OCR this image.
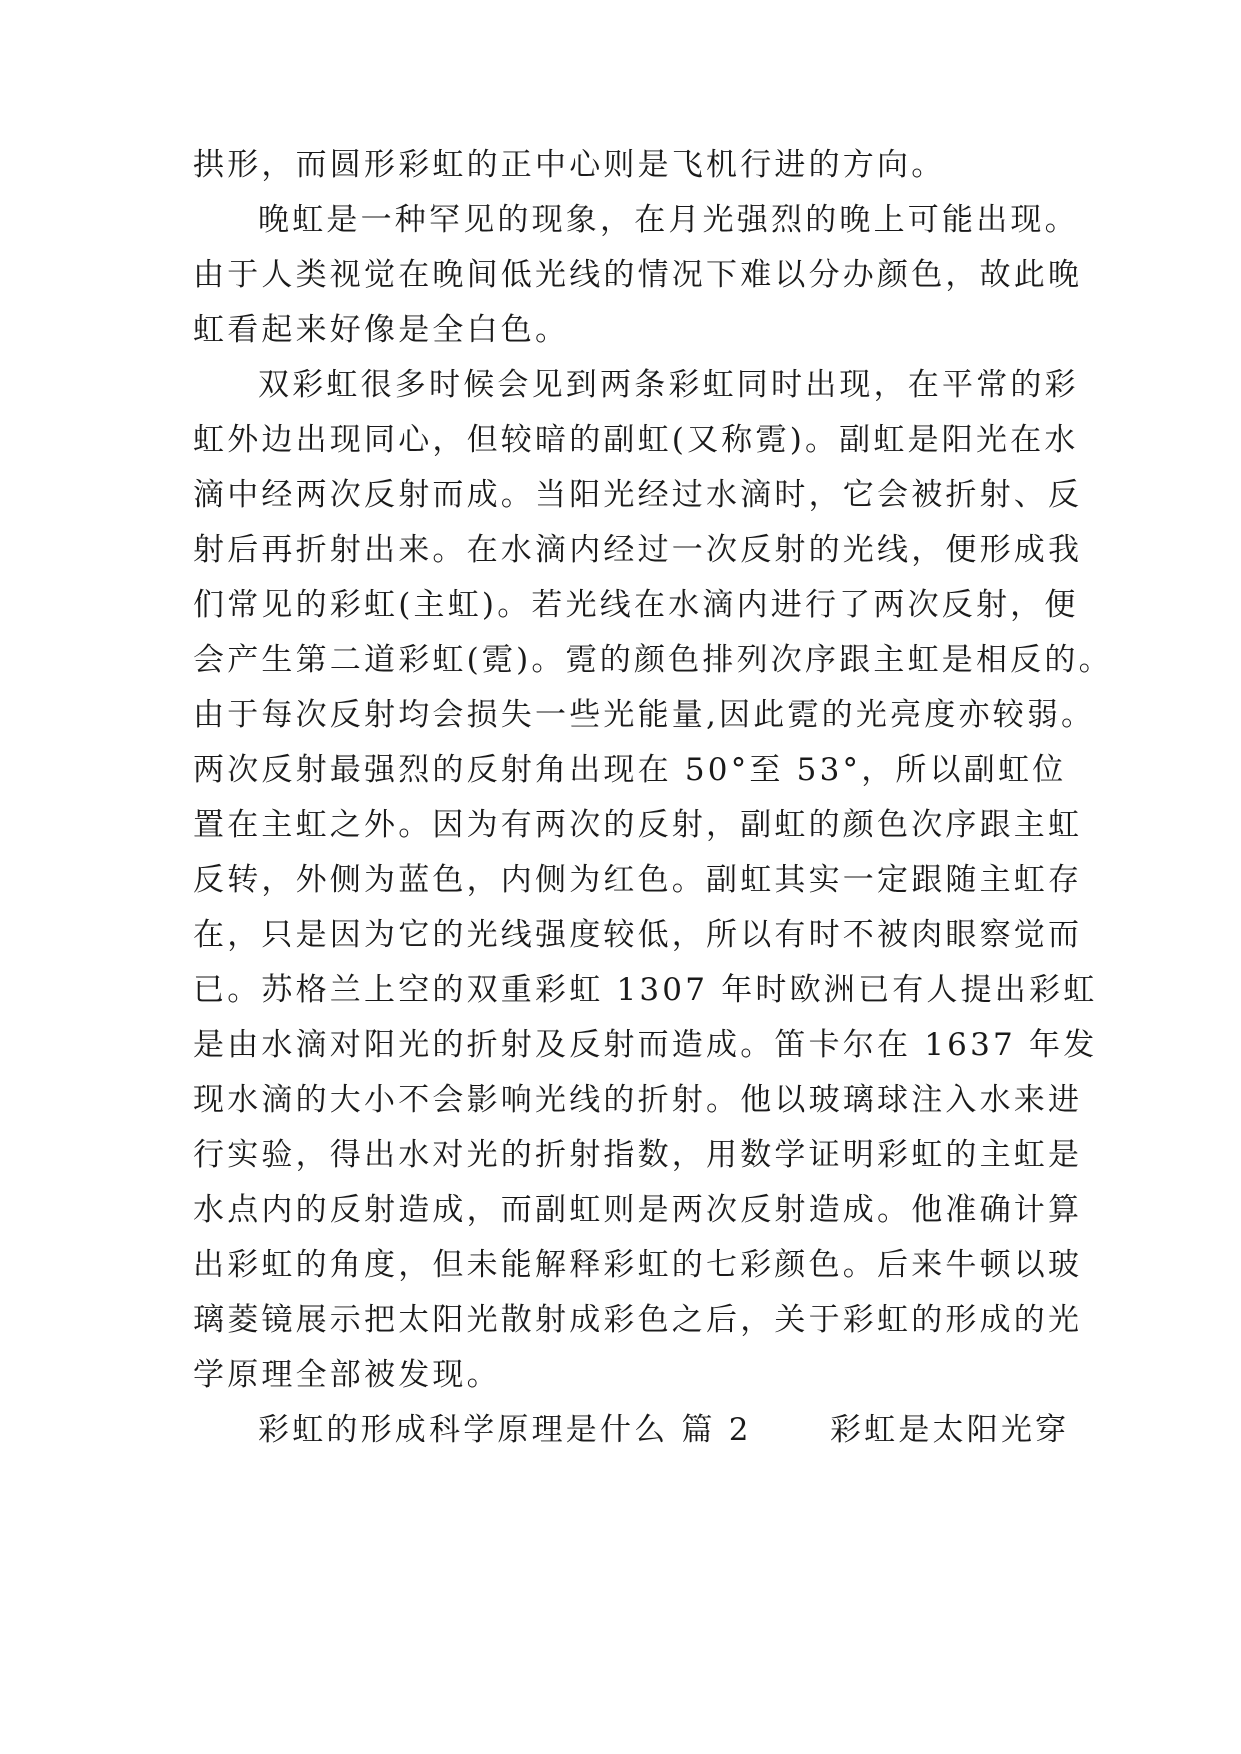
拱形，而圆形彩虹的正中心则是飞机行进的方向。
晚虹是一种罕见的现象，在月光强烈的晚上可能出现。
由于人类视觉在晚间低光线的情况下难以分办颜色，故此晚
虹看起来好像是全白色。
双彩虹很多时候会见到两条彩虹同时出现，在平常的彩
虹外边出现同心，但较暗的副虹(又称霓)。副虹是阳光在水
滴中经两次反射而成。当阳光经过水滴时，它会被折射、反
射后再折射出来。在水滴内经过一次反射的光线，便形成我
们常见的彩虹(主虹)。若光线在水滴内进行了两次反射，便
会产生第二道彩虹(霓)。霓的颜色排列次序跟主虹是相反的。
由于每次反射均会损失一些光能量,因此霓的光亮度亦较弱。
两次反射最强烈的反射角出现在 50°至 53°，所以副虹位
置在主虹之外。因为有两次的反射，副虹的颜色次序跟主虹
反转，外侧为蓝色，内侧为红色。副虹其实一定跟随主虹存
在，只是因为它的光线强度较低，所以有时不被肉眼察觉而
已。苏格兰上空的双重彩虹 1307 年时欧洲已有人提出彩虹
是由水滴对阳光的折射及反射而造成。笛卡尔在 1637 年发
现水滴的大小不会影响光线的折射。他以玻璃球注入水来进
行实验，得出水对光的折射指数，用数学证明彩虹的主虹是
水点内的反射造成，而副虹则是两次反射造成。他准确计算
出彩虹的角度，但未能解释彩虹的七彩颜色。后来牛顿以玻
璃菱镜展示把太阳光散射成彩色之后，关于彩虹的形成的光
学原理全部被发现。
彩虹的形成科学原理是什么 篇 2      彩虹是太阳光穿
